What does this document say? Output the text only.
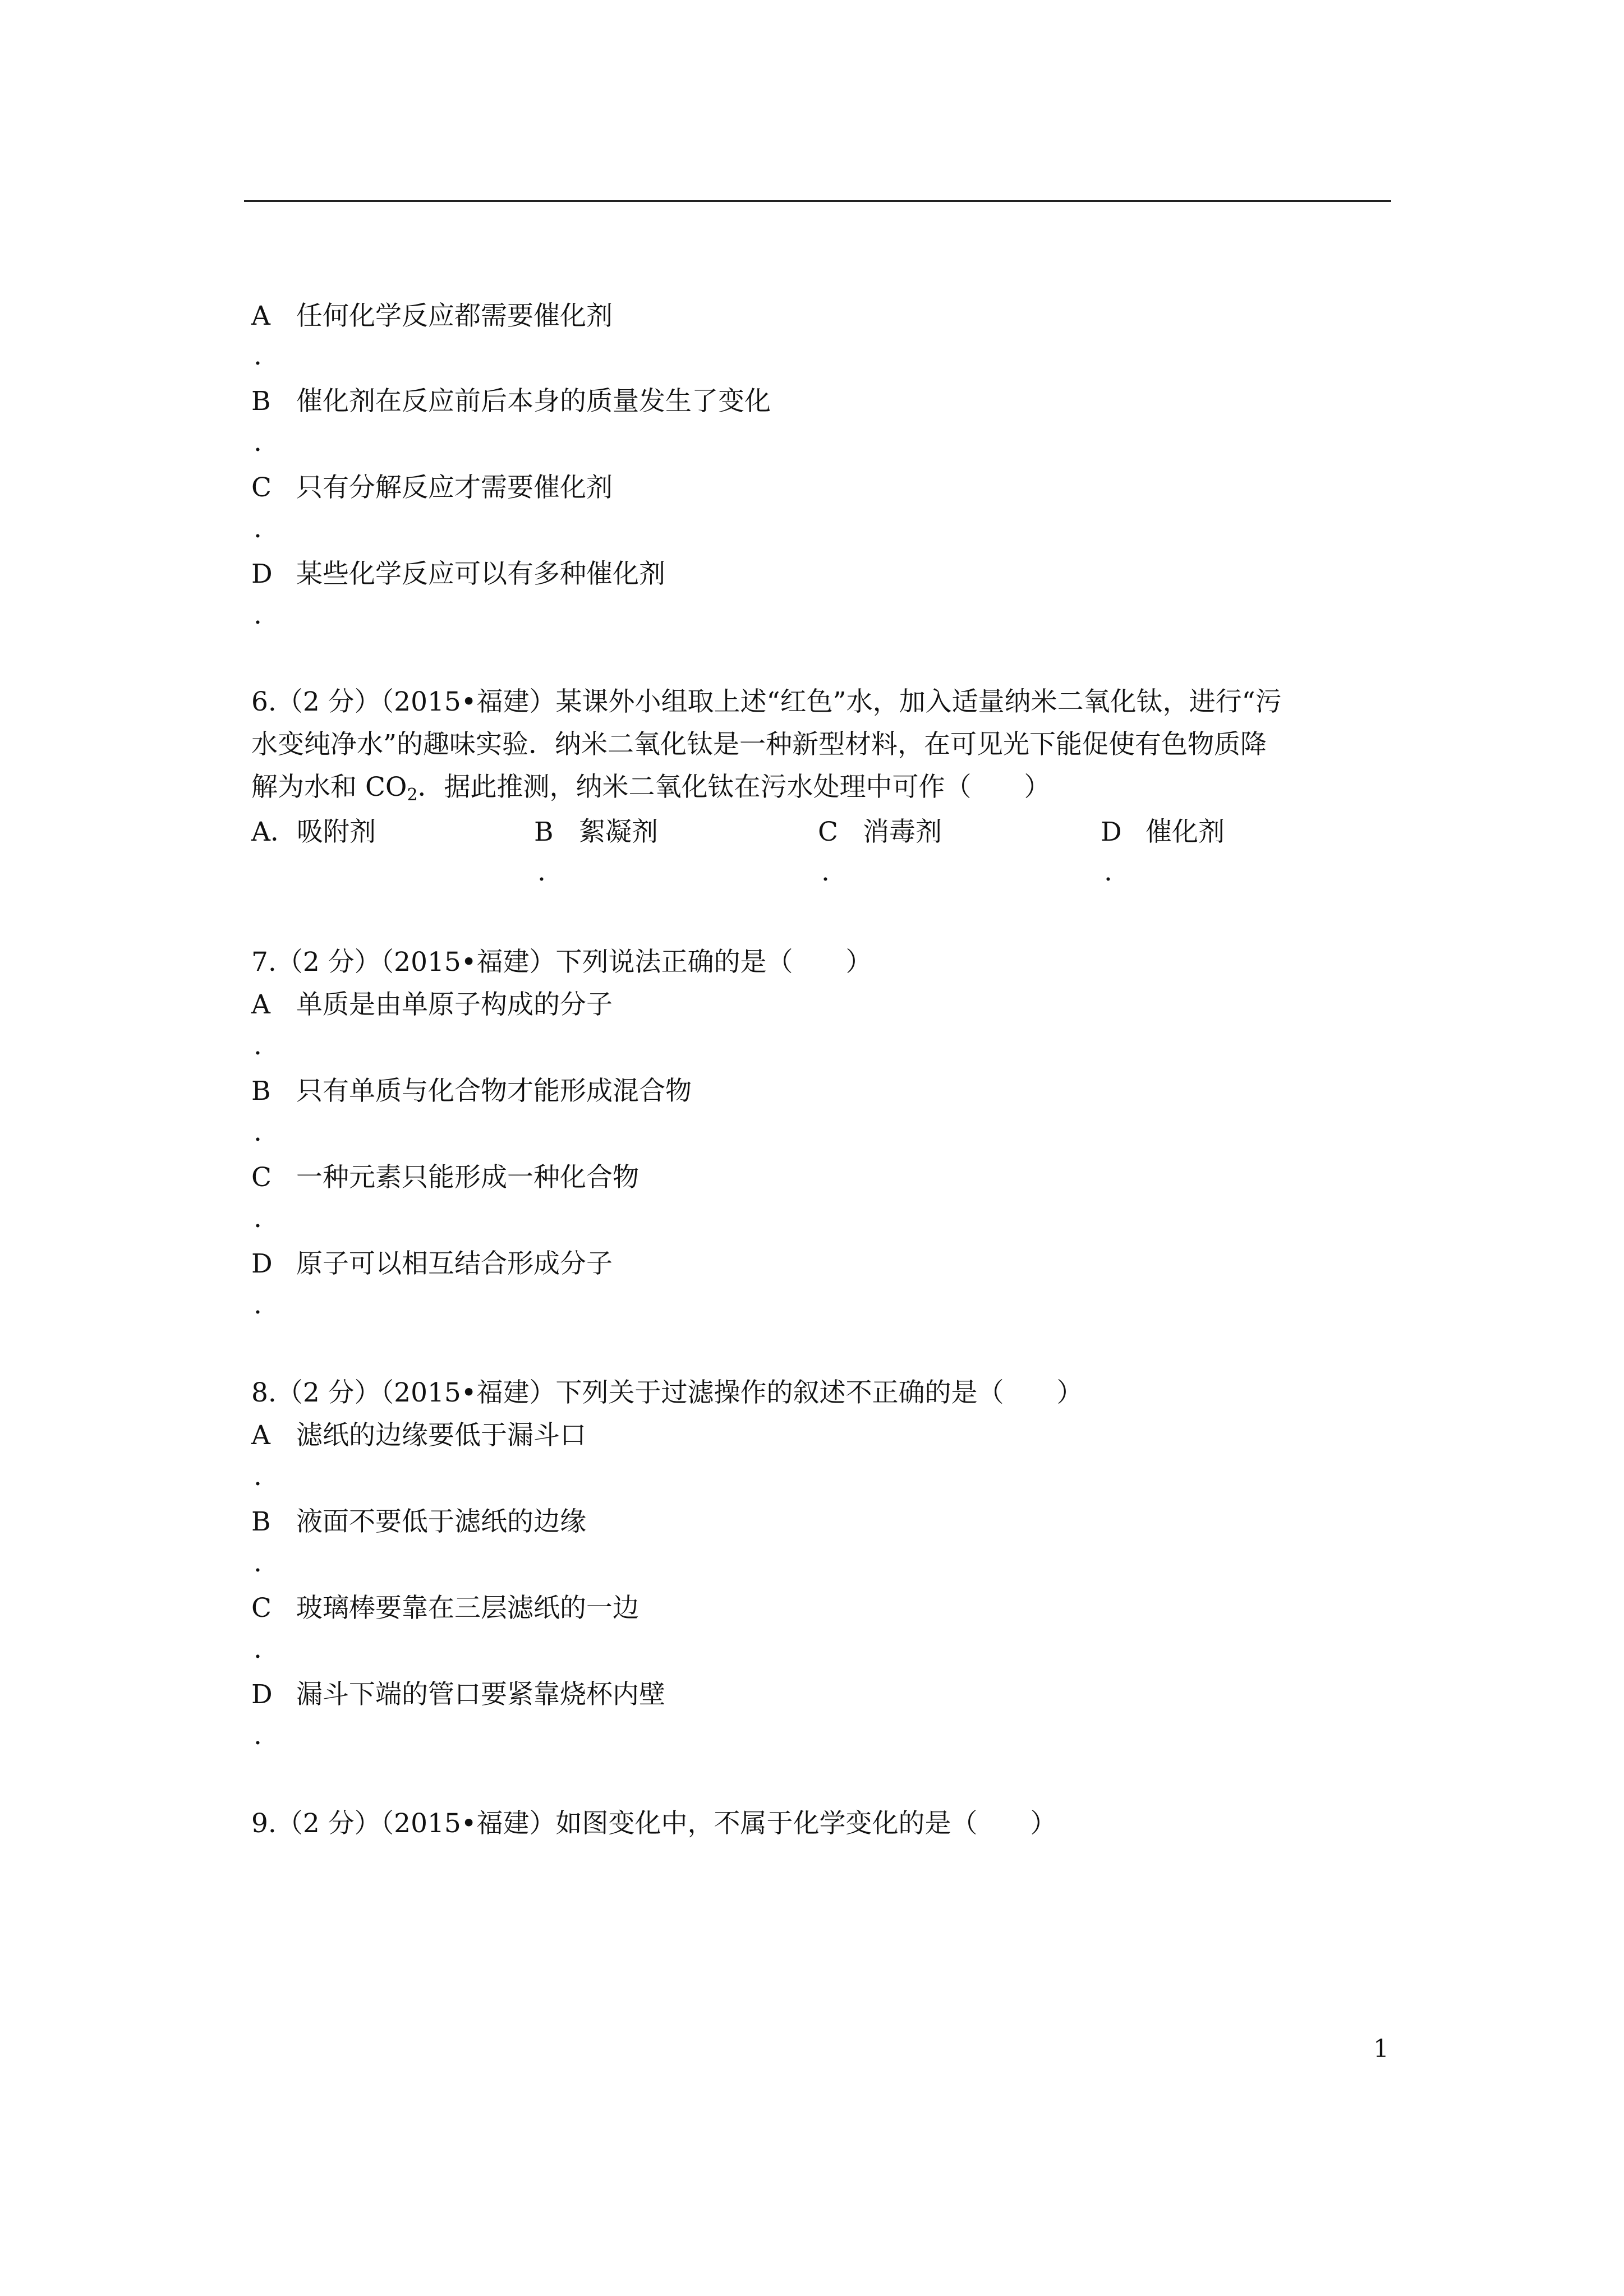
A 任何化学反应都需要催化剂
.
B 催化剂在反应前后本身的质量发生了变化
.
C 只有分解反应才需要催化剂
.
D 某些化学反应可以有多种催化剂
.
6.（2 分）（2015•福建）某课外小组取上述“红色”水，加入适量纳米二氧化钛，进行“污
水变纯净水”的趣味实验．纳米二氧化钛是一种新型材料，在可见光下能促使有色物质降
解为水和 $CO_2$．据此推测，纳米二氧化钛在污水处理中可作（　　）
A．吸附剂	B 絮凝剂
.
C 消毒剂
.
D 催化剂
.
7.（2 分）（2015•福建）下列说法正确的是（　　）
A 单质是由单原子构成的分子
.
B 只有单质与化合物才能形成混合物
.
C 一种元素只能形成一种化合物
.
D 原子可以相互结合形成分子
.
8.（2 分）（2015•福建）下列关于过滤操作的叙述不正确的是（　　）
A 滤纸的边缘要低于漏斗口
.
B 液面不要低于滤纸的边缘
.
C 玻璃棒要靠在三层滤纸的一边
.
D 漏斗下端的管口要紧靠烧杯内壁
.
9.（2 分）（2015•福建）如图变化中，不属于化学变化的是（　　）
1
